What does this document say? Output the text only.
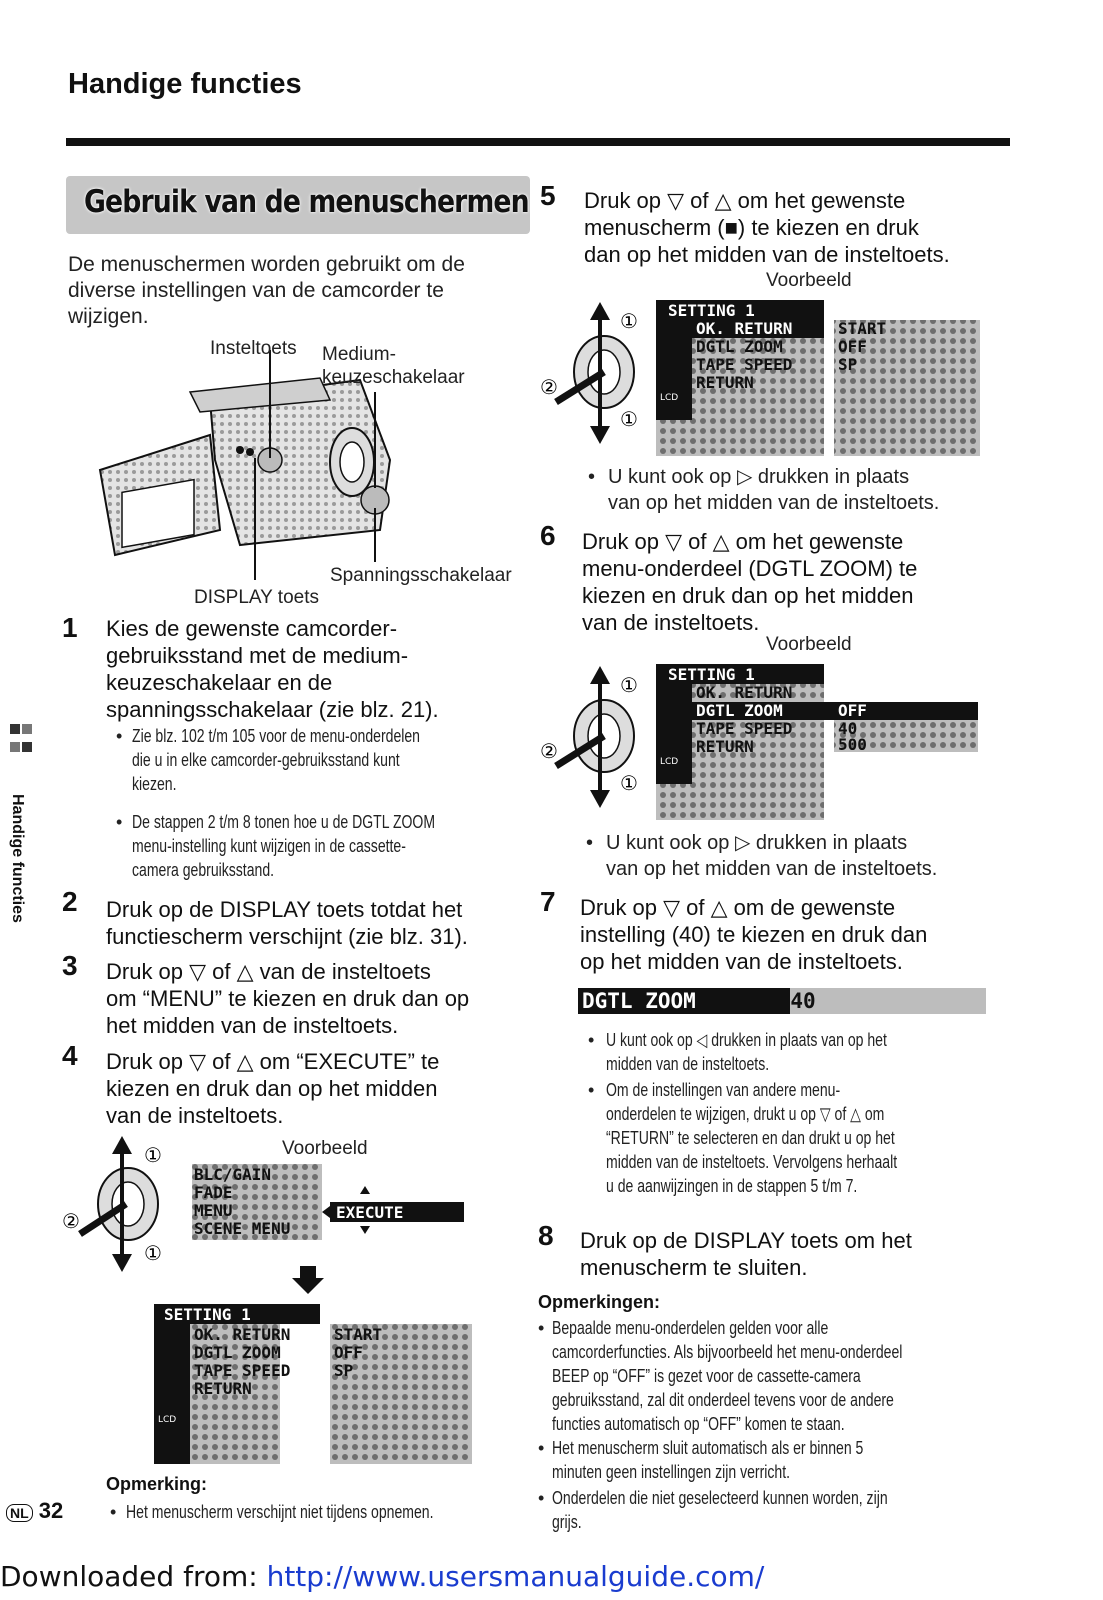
Handige functies
Gebruik van de menuschermen
De menuschermen worden gebruikt om de diverse instellingen van de camcorder te wijzigen.
Insteltoets Medium-
keuzeschakelaar
Spanningsschakelaar
DISPLAY toets
1 Kies de gewenste camcorder-
gebruiksstand met de medium-
keuzeschakelaar en de
spanningsschakelaar (zie blz. 21).
• Zie blz. 102 t/m 105 voor de menu-onderdelen
die u in elke camcorder-gebruiksstand kunt
kiezen.
• De stappen 2 t/m 8 tonen hoe u de DGTL ZOOM
menu-instelling kunt wijzigen in de cassette-
camera gebruiksstand.
2 Druk op de DISPLAY toets totdat het
functiescherm verschijnt (zie blz. 31).
3 Druk op ▽ of △ van de insteltoets
om “MENU” te kiezen en druk dan op
het midden van de insteltoets.
4 Druk op ▽ of △ om “EXECUTE” te
kiezen en druk dan op het midden
van de insteltoets.
Voorbeeld
①
②
①
BLC/GAIN
FADE
MENU
SCENE MENU
EXECUTE
SETTING 1
OK. RETURN
DGTL ZOOM
TAPE SPEED
RETURN
START
OFF
SP
LCD
Opmerking:
• Het menuscherm verschijnt niet tijdens opnemen.
NL 32
Handige functies
5 Druk op ▽ of △ om het gewenste
menuscherm (■) te kiezen en druk
dan op het midden van de insteltoets.
Voorbeeld
①
②
①
SETTING 1
OK. RETURN
DGTL ZOOM
TAPE SPEED
RETURN
START
OFF
SP
LCD
• U kunt ook op ▷ drukken in plaats
van op het midden van de insteltoets.
6 Druk op ▽ of △ om het gewenste
menu-onderdeel (DGTL ZOOM) te
kiezen en druk dan op het midden
van de insteltoets.
Voorbeeld
①
②
①
SETTING 1
OK. RETURN
DGTL ZOOM
TAPE SPEED
RETURN
OFF
40
500
LCD
• U kunt ook op ▷ drukken in plaats
van op het midden van de insteltoets.
7 Druk op ▽ of △ om de gewenste
instelling (40) te kiezen en druk dan
op het midden van de insteltoets.
DGTL ZOOM	40
• U kunt ook op ◁ drukken in plaats van op het
midden van de insteltoets.
• Om de instellingen van andere menu-
onderdelen te wijzigen, drukt u op ▽ of △ om
“RETURN” te selecteren en dan drukt u op het
midden van de insteltoets. Vervolgens herhaalt
u de aanwijzingen in de stappen 5 t/m 7.
8 Druk op de DISPLAY toets om het
menuscherm te sluiten.
Opmerkingen:
• Bepaalde menu-onderdelen gelden voor alle
camcorderfuncties. Als bijvoorbeeld het menu-onderdeel
BEEP op “OFF” is gezet voor de cassette-camera
gebruiksstand, zal dit onderdeel tevens voor de andere
functies automatisch op “OFF” komen te staan.
• Het menuscherm sluit automatisch als er binnen 5
minuten geen instellingen zijn verricht.
• Onderdelen die niet geselecteerd kunnen worden, zijn
grijs.
Downloaded from: http://www.usersmanualguide.com/
